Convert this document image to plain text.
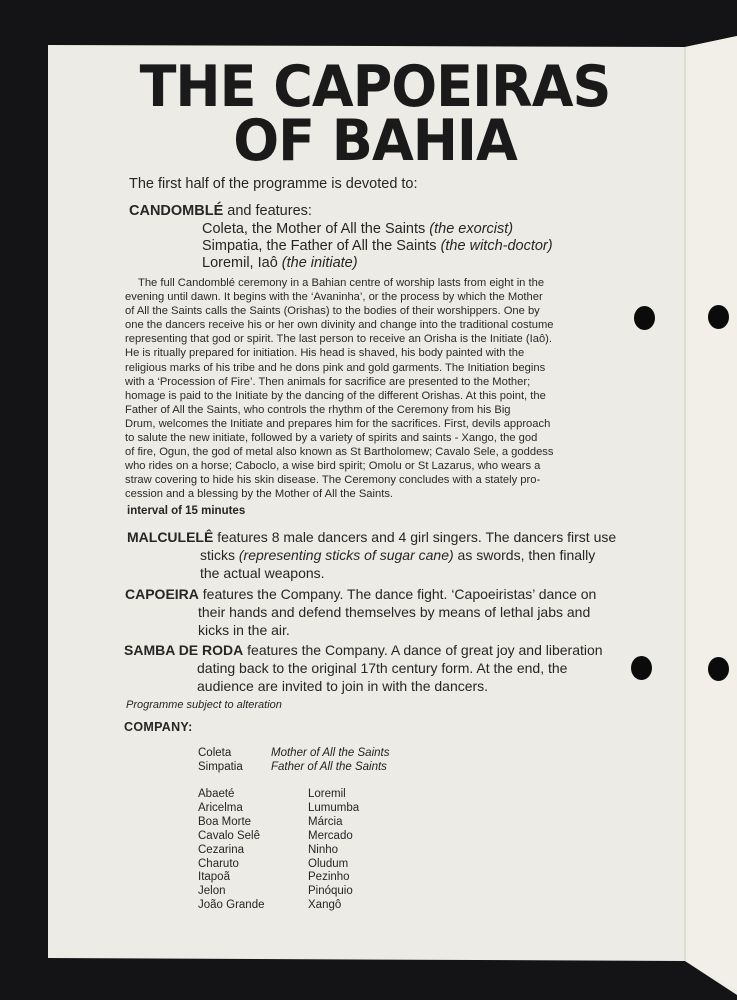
THE CAPOEIRAS
OF BAHIA
The first half of the programme is devoted to:
CANDOMBLÉ and features:
Coleta, the Mother of All the Saints (the exorcist)
Simpatia, the Father of All the Saints (the witch-doctor)
Loremil, Iaô (the initiate)
The full Candomblé ceremony in a Bahian centre of worship lasts from eight in the
evening until dawn. It begins with the ‘Avaninha’, or the process by which the Mother
of All the Saints calls the Saints (Orishas) to the bodies of their worshippers. One by
one the dancers receive his or her own divinity and change into the traditional costume
representing that god or spirit. The last person to receive an Orisha is the Initiate (Iaô).
He is ritually prepared for initiation. His head is shaved, his body painted with the
religious marks of his tribe and he dons pink and gold garments. The Initiation begins
with a ‘Procession of Fire’. Then animals for sacrifice are presented to the Mother;
homage is paid to the Initiate by the dancing of the different Orishas. At this point, the
Father of All the Saints, who controls the rhythm of the Ceremony from his Big
Drum, welcomes the Initiate and prepares him for the sacrifices. First, devils approach
to salute the new initiate, followed by a variety of spirits and saints - Xango, the god
of fire, Ogun, the god of metal also known as St Bartholomew; Cavalo Sele, a goddess
who rides on a horse; Caboclo, a wise bird spirit; Omolu or St Lazarus, who wears a
straw covering to hide his skin disease. The Ceremony concludes with a stately pro-
cession and a blessing by the Mother of All the Saints.
interval of 15 minutes
MALCULELÊ features 8 male dancers and 4 girl singers. The dancers first use
sticks (representing sticks of sugar cane) as swords, then finally
the actual weapons.
CAPOEIRA features the Company. The dance fight. ‘Capoeiristas’ dance on
their hands and defend themselves by means of lethal jabs and
kicks in the air.
SAMBA DE RODA features the Company. A dance of great joy and liberation
dating back to the original 17th century form. At the end, the
audience are invited to join in with the dancers.
Programme subject to alteration
COMPANY:
Coleta	Mother of All the Saints
Simpatia	Father of All the Saints
Abaeté
Aricelma
Boa Morte
Cavalo Selê
Cezarina
Charuto
Itapoã
Jelon
João Grande
Loremil
Lumumba
Márcia
Mercado
Ninho
Oludum
Pezinho
Pinóquio
Xangô
